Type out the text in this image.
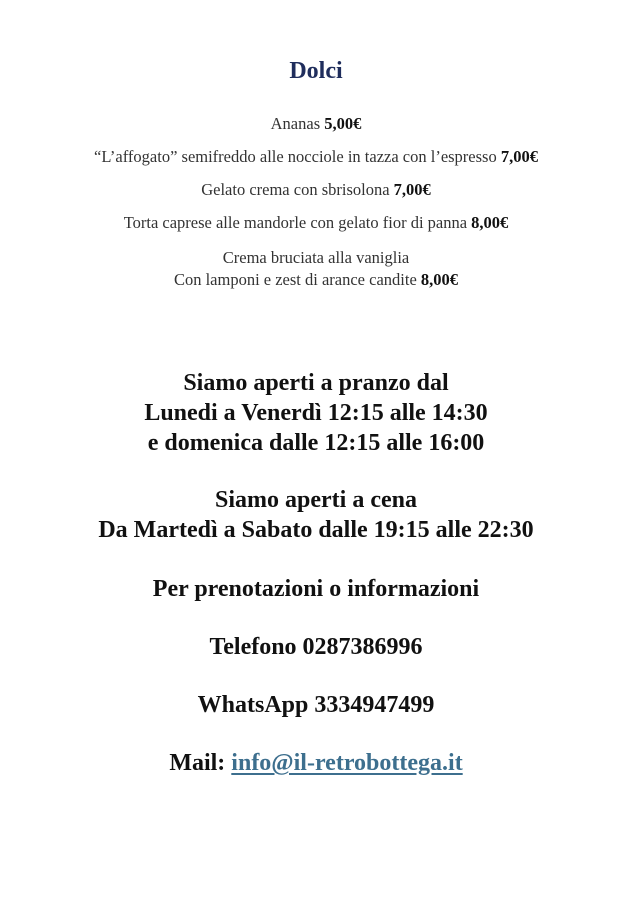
Dolci
Ananas 5,00€
“L’affogato” semifreddo alle nocciole in tazza con l’espresso 7,00€
Gelato crema con sbrisolona 7,00€
Torta caprese alle mandorle con gelato fior di panna 8,00€
Crema bruciata alla vaniglia
Con lamponi e zest di arance candite 8,00€
Siamo aperti a pranzo dal
Lunedi a Venerdì 12:15 alle 14:30
e domenica dalle 12:15 alle 16:00
Siamo aperti a cena
Da Martedì a Sabato dalle 19:15 alle 22:30
Per prenotazioni o informazioni
Telefono 0287386996
WhatsApp 3334947499
Mail: info@il-retrobottega.it
